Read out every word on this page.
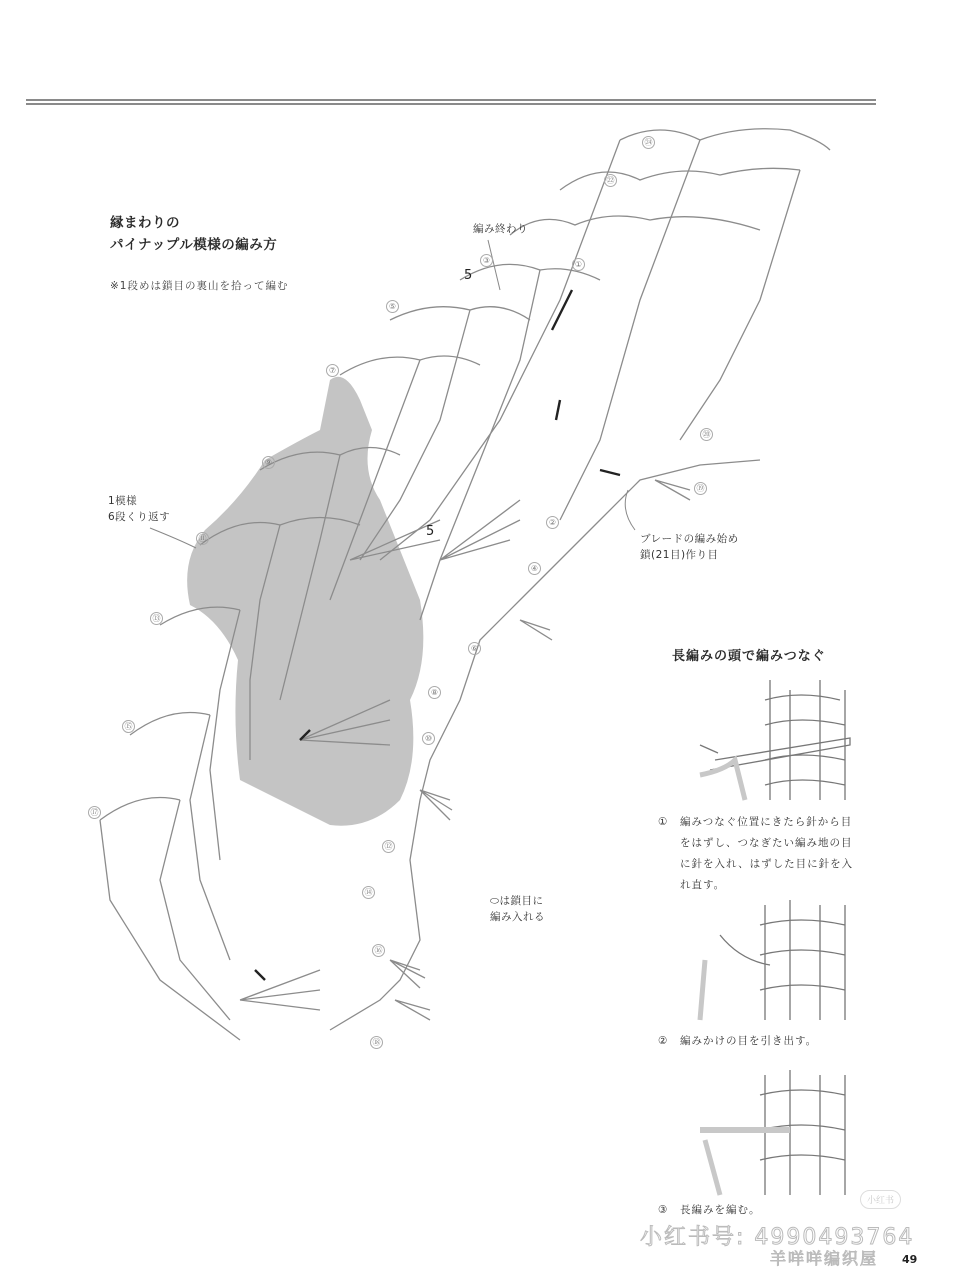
縁まわりの
パイナップル模様の編み方
※1段めは鎖目の裏山を拾って編む
1模様
6段くり返す
編み終わり
ブレードの編み始め
鎖(21目)作り目
⬭は鎖目に
編み入れる
5
5
①
②
③
④
⑤
⑥
⑦
⑧
⑨
⑩
⑪
⑫
⑬
⑭
⑮
⑯
⑰
⑱
⑲
⑳
㉒
㉔
長編みの頭で編みつなぐ
① 編みつなぐ位置にきたら針から目
をはずし、つなぎたい編み地の目
に針を入れ、はずした目に針を入
れ直す。
② 編みかけの目を引き出す。
③ 長編みを編む。
小红书
小红书号: 4990493764
羊咩咩编织屋 49
